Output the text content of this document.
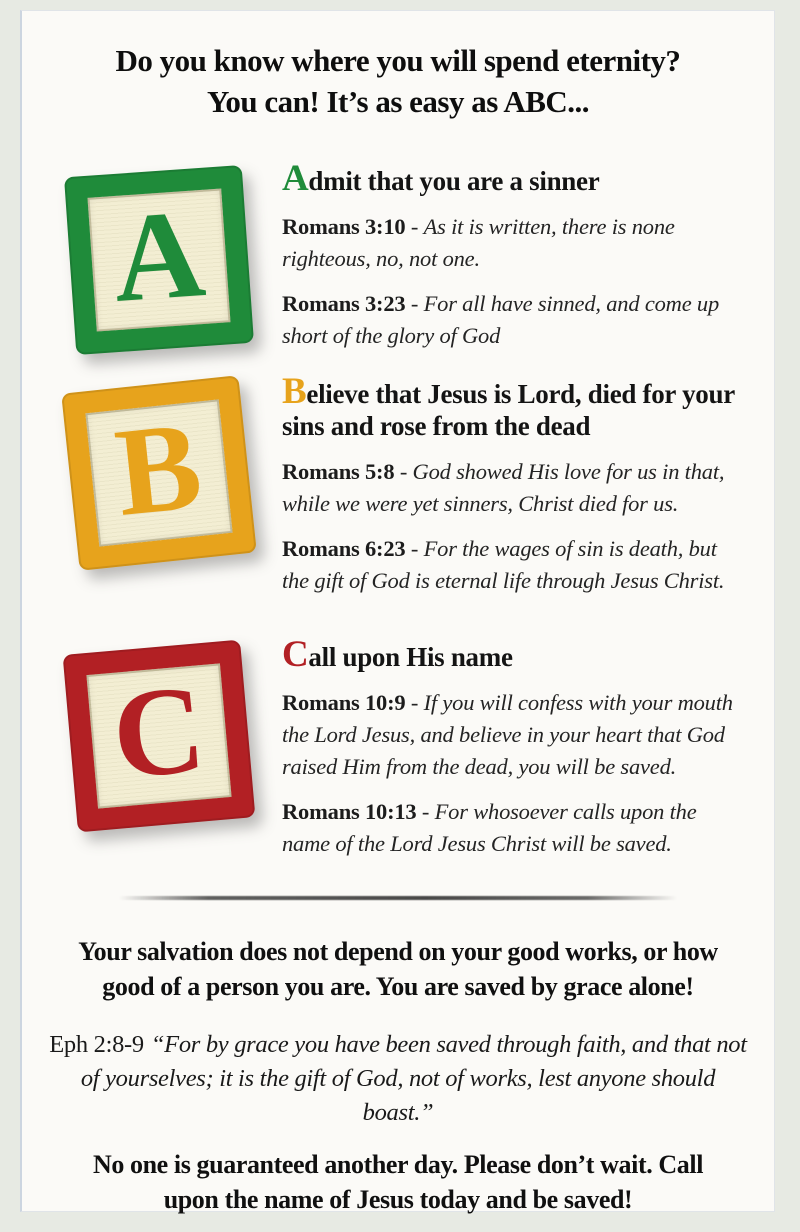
Do you know where you will spend eternity?
You can! It’s as easy as ABC...
A
Admit that you are a sinner

Romans 3:10 - As it is written, there is none righteous, no, not one.

Romans 3:23 - For all have sinned, and come up short of the glory of God

B
Believe that Jesus is Lord, died for your sins and rose from the dead

Romans 5:8 - God showed His love for us in that, while we were yet sinners, Christ died for us.

Romans 6:23 - For the wages of sin is death, but the gift of God is eternal life through Jesus Christ.

C
Call upon His name

Romans 10:9 - If you will confess with your mouth the Lord Jesus, and believe in your heart that God raised Him from the dead, you will be saved.

Romans 10:13 - For whosoever calls upon the name of the Lord Jesus Christ will be saved.

Your salvation does not depend on your good works, or how good of a person you are. You are saved by grace alone!

Eph 2:8-9 “For by grace you have been saved through faith, and that not of yourselves; it is the gift of God, not of works, lest anyone should boast.”

No one is guaranteed another day. Please don’t wait. Call upon the name of Jesus today and be saved!
